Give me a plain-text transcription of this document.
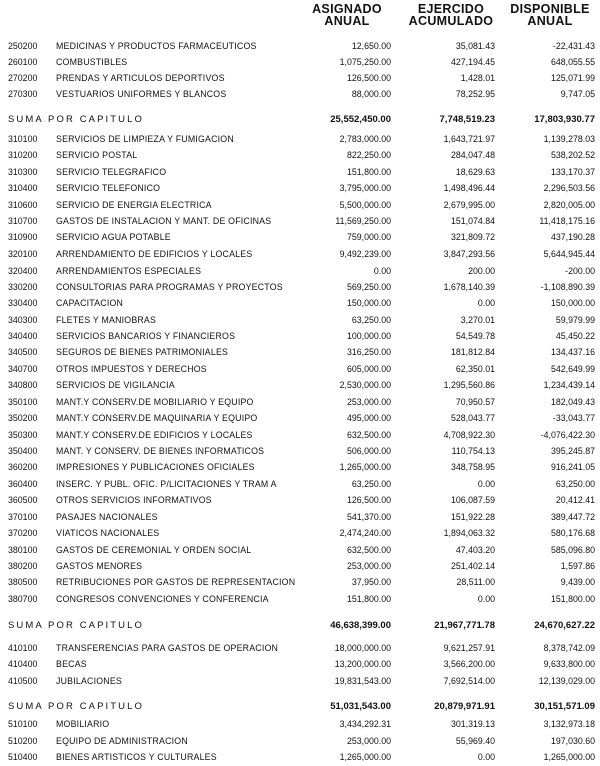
ASIGNADO
ANUAL
EJERCIDO
ACUMULADO
DISPONIBLE
ANUAL
250200 MEDICINAS Y PRODUCTOS FARMACEUTICOS	12,650.00	35,081.43	-22,431.43
260100 COMBUSTIBLES	1,075,250.00	427,194.45	648,055.55
270200 PRENDAS Y ARTICULOS DEPORTIVOS	126,500.00	1,428.01	125,071.99
270300 VESTUARIOS UNIFORMES Y BLANCOS	88,000.00	78,252.95	9,747.05
SUMA POR CAPITULO	25,552,450.00	7,748,519.23	17,803,930.77
310100 SERVICIOS DE LIMPIEZA Y FUMIGACION	2,783,000.00	1,643,721.97	1,139,278.03
310200 SERVICIO POSTAL	822,250.00	284,047.48	538,202.52
310300 SERVICIO TELEGRAFICO	151,800.00	18,629.63	133,170.37
310400 SERVICIO TELEFONICO	3,795,000.00	1,498,496.44	2,296,503.56
310600 SERVICIO DE ENERGIA ELECTRICA	5,500,000.00	2,679,995.00	2,820,005.00
310700 GASTOS DE INSTALACION Y MANT. DE OFICINAS	11,569,250.00	151,074.84	11,418,175.16
310900 SERVICIO AGUA POTABLE	759,000.00	321,809.72	437,190.28
320100 ARRENDAMIENTO DE EDIFICIOS Y LOCALES	9,492,239.00	3,847,293.56	5,644,945.44
320400 ARRENDAMIENTOS ESPECIALES	0.00	200.00	-200.00
330200 CONSULTORIAS PARA PROGRAMAS Y PROYECTOS	569,250.00	1,678,140.39	-1,108,890.39
330400 CAPACITACION	150,000.00	0.00	150,000.00
340300 FLETES Y MANIOBRAS	63,250.00	3,270.01	59,979.99
340400 SERVICIOS BANCARIOS Y FINANCIEROS	100,000.00	54,549.78	45,450.22
340500 SEGUROS DE BIENES PATRIMONIALES	316,250.00	181,812.84	134,437.16
340700 OTROS IMPUESTOS Y DERECHOS	605,000.00	62,350.01	542,649.99
340800 SERVICIOS DE VIGILANCIA	2,530,000.00	1,295,560.86	1,234,439.14
350100 MANT.Y CONSERV.DE MOBILIARIO Y EQUIPO	253,000.00	70,950.57	182,049.43
350200 MANT.Y CONSERV.DE MAQUINARIA Y EQUIPO	495,000.00	528,043.77	-33,043.77
350300 MANT.Y CONSERV.DE EDIFICIOS Y LOCALES	632,500.00	4,708,922.30	-4,076,422.30
350400 MANT. Y CONSERV. DE BIENES INFORMATICOS	506,000.00	110,754.13	395,245.87
360200 IMPRESIONES Y PUBLICACIONES OFICIALES	1,265,000.00	348,758.95	916,241.05
360400 INSERC. Y PUBL. OFIC. P/LICITACIONES Y TRAM A	63,250.00	0.00	63,250.00
360500 OTROS SERVICIOS INFORMATIVOS	126,500.00	106,087.59	20,412.41
370100 PASAJES NACIONALES	541,370.00	151,922.28	389,447.72
370200 VIATICOS NACIONALES	2,474,240.00	1,894,063.32	580,176.68
380100 GASTOS DE CEREMONIAL Y ORDEN SOCIAL	632,500.00	47,403.20	585,096.80
380200 GASTOS MENORES	253,000.00	251,402.14	1,597.86
380500 RETRIBUCIONES POR GASTOS DE REPRESENTACION	37,950.00	28,511.00	9,439.00
380700 CONGRESOS CONVENCIONES Y CONFERENCIA	151,800.00	0.00	151,800.00
SUMA POR CAPITULO	46,638,399.00	21,967,771.78	24,670,627.22
410100 TRANSFERENCIAS PARA GASTOS DE OPERACION	18,000,000.00	9,621,257.91	8,378,742.09
410400 BECAS	13,200,000.00	3,566,200.00	9,633,800.00
410500 JUBILACIONES	19,831,543.00	7,692,514.00	12,139,029.00
SUMA POR CAPITULO	51,031,543.00	20,879,971.91	30,151,571.09
510100 MOBILIARIO	3,434,292.31	301,319.13	3,132,973.18
510200 EQUIPO DE ADMINISTRACION	253,000.00	55,969.40	197,030.60
510400 BIENES ARTISTICOS Y CULTURALES	1,265,000.00	0.00	1,265,000.00
